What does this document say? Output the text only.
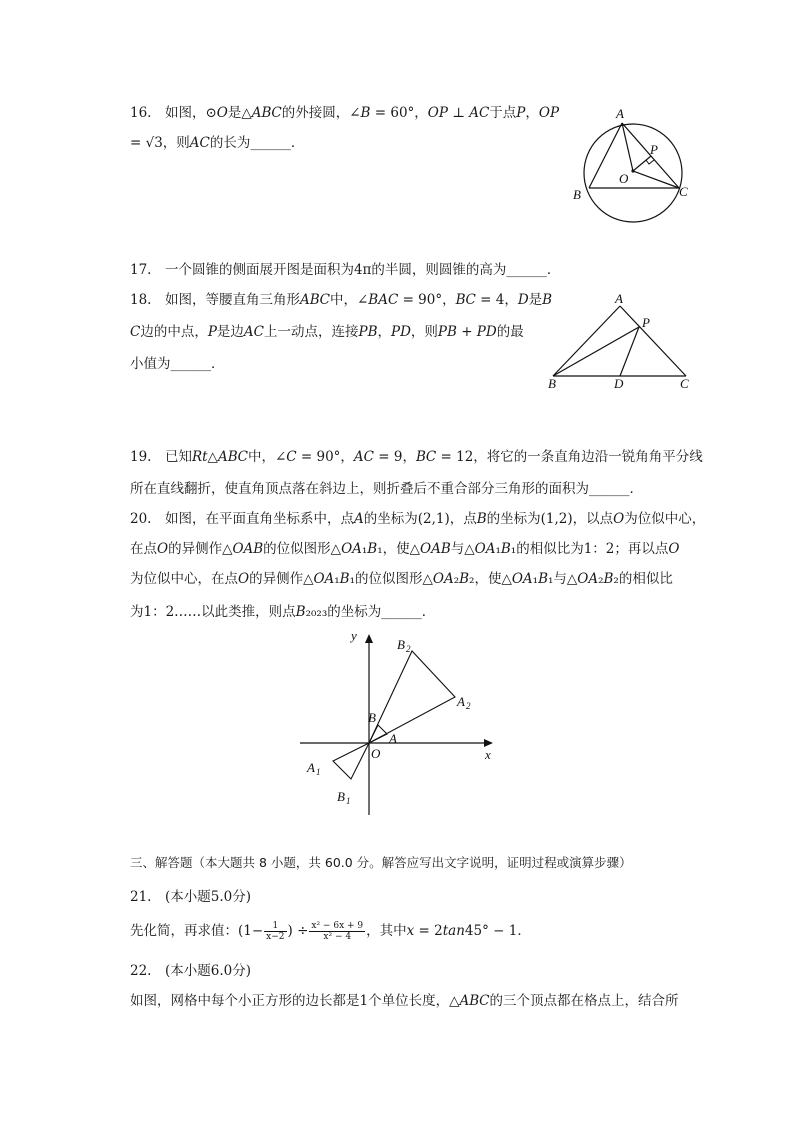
16.　如图，⊙𝑂是△𝐴𝐵𝐶的外接圆，∠𝐵 = 60°，𝑂𝑃 ⊥ 𝐴𝐶于点𝑃，𝑂𝑃
= √3，则𝐴𝐶的长为______．
A
P
O
B	C
17.　一个圆锥的侧面展开图是面积为4π的半圆，则圆锥的高为______．
18.　如图，等腰直角三角形𝐴𝐵𝐶中，∠𝐵𝐴𝐶 = 90°，𝐵𝐶 = 4，𝐷是𝐵
𝐶边的中点，𝑃是边𝐴𝐶上一动点，连接𝑃𝐵，𝑃𝐷，则𝑃𝐵 + 𝑃𝐷的最
小值为______．
A
P
B	D	C
19.　已知𝑅𝑡△𝐴𝐵𝐶中，∠𝐶 = 90°，𝐴𝐶 = 9，𝐵𝐶 = 12，将它的一条直角边沿一锐角角平分线
所在直线翻折，使直角顶点落在斜边上，则折叠后不重合部分三角形的面积为______．
20.　如图，在平面直角坐标系中，点𝐴的坐标为(2,1)，点𝐵的坐标为(1,2)，以点𝑂为位似中心，
在点𝑂的异侧作△𝑂𝐴𝐵的位似图形△𝑂𝐴₁𝐵₁，使△𝑂𝐴𝐵与△𝑂𝐴₁𝐵₁的相似比为1：2；再以点𝑂
为位似中心，在点𝑂的异侧作△𝑂𝐴₁𝐵₁的位似图形△𝑂𝐴₂𝐵₂，使△𝑂𝐴₁𝐵₁与△𝑂𝐴₂𝐵₂的相似比
为1：2……以此类推，则点𝐵₂₀₂₃的坐标为______．
y
x
O
A
B
A 1
B 1
A 2
B 2
三、解答题（本大题共 8 小题，共 60.0 分。解答应写出文字说明，证明过程或演算步骤）
21.　(本小题5.0分)
先化简，再求值：($1- \frac{1}{x-2}$ ) ÷ $\frac{\text{x² − 6x + 9}}{\text{x² − 4}}$ ，其中𝑥 = 2𝑡𝑎𝑛45° − 1．
22.　(本小题6.0分)
如图，网格中每个小正方形的边长都是1个单位长度，△𝐴𝐵𝐶的三个顶点都在格点上，结合所
